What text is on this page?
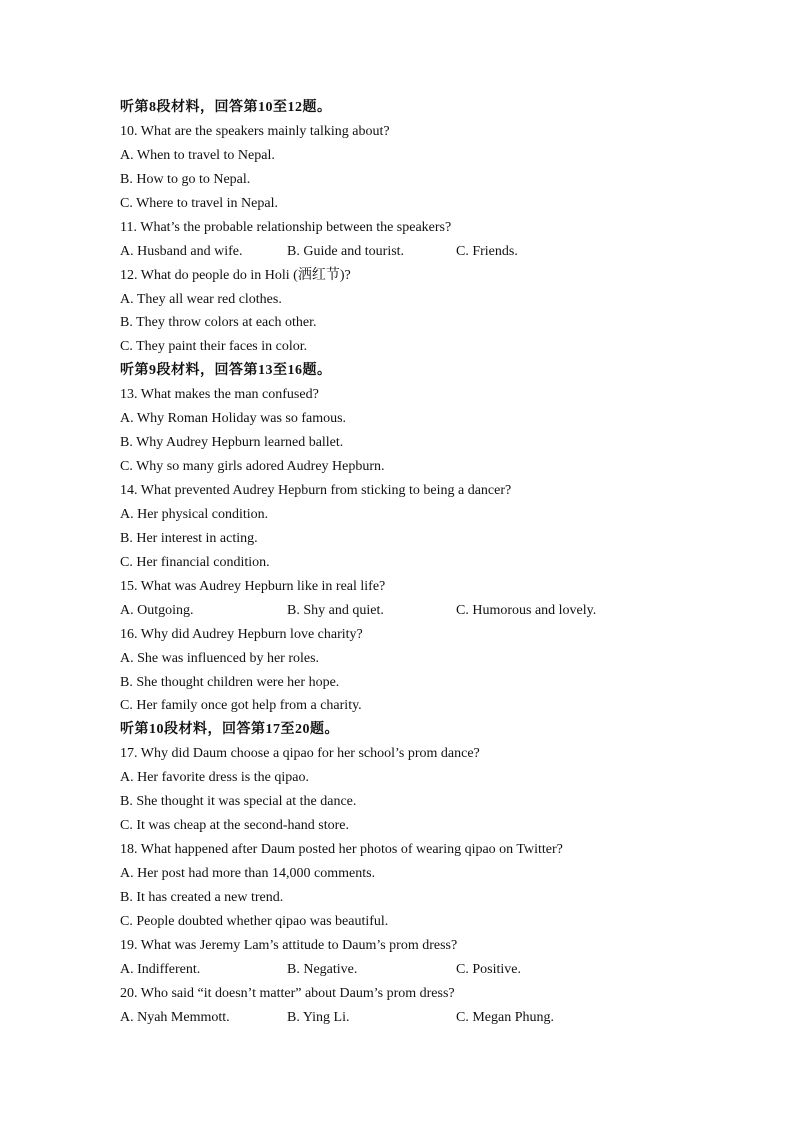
听第8段材料，回答第10至12题。
10. What are the speakers mainly talking about?
A. When to travel to Nepal.
B. How to go to Nepal.
C. Where to travel in Nepal.
11. What’s the probable relationship between the speakers?
A. Husband and wife.	B. Guide and tourist.	C. Friends.
12. What do people do in Holi (洒红节)?
A. They all wear red clothes.
B. They throw colors at each other.
C. They paint their faces in color.
听第9段材料，回答第13至16题。
13. What makes the man confused?
A. Why Roman Holiday was so famous.
B. Why Audrey Hepburn learned ballet.
C. Why so many girls adored Audrey Hepburn.
14. What prevented Audrey Hepburn from sticking to being a dancer?
A. Her physical condition.
B. Her interest in acting.
C. Her financial condition.
15. What was Audrey Hepburn like in real life?
A. Outgoing.	B. Shy and quiet.	C. Humorous and lovely.
16. Why did Audrey Hepburn love charity?
A. She was influenced by her roles.
B. She thought children were her hope.
C. Her family once got help from a charity.
听第10段材料，回答第17至20题。
17. Why did Daum choose a qipao for her school’s prom dance?
A. Her favorite dress is the qipao.
B. She thought it was special at the dance.
C. It was cheap at the second-hand store.
18. What happened after Daum posted her photos of wearing qipao on Twitter?
A. Her post had more than 14,000 comments.
B. It has created a new trend.
C. People doubted whether qipao was beautiful.
19. What was Jeremy Lam’s attitude to Daum’s prom dress?
A. Indifferent.	B. Negative.	C. Positive.
20. Who said “it doesn’t matter” about Daum’s prom dress?
A. Nyah Memmott.	B. Ying Li.	C. Megan Phung.
